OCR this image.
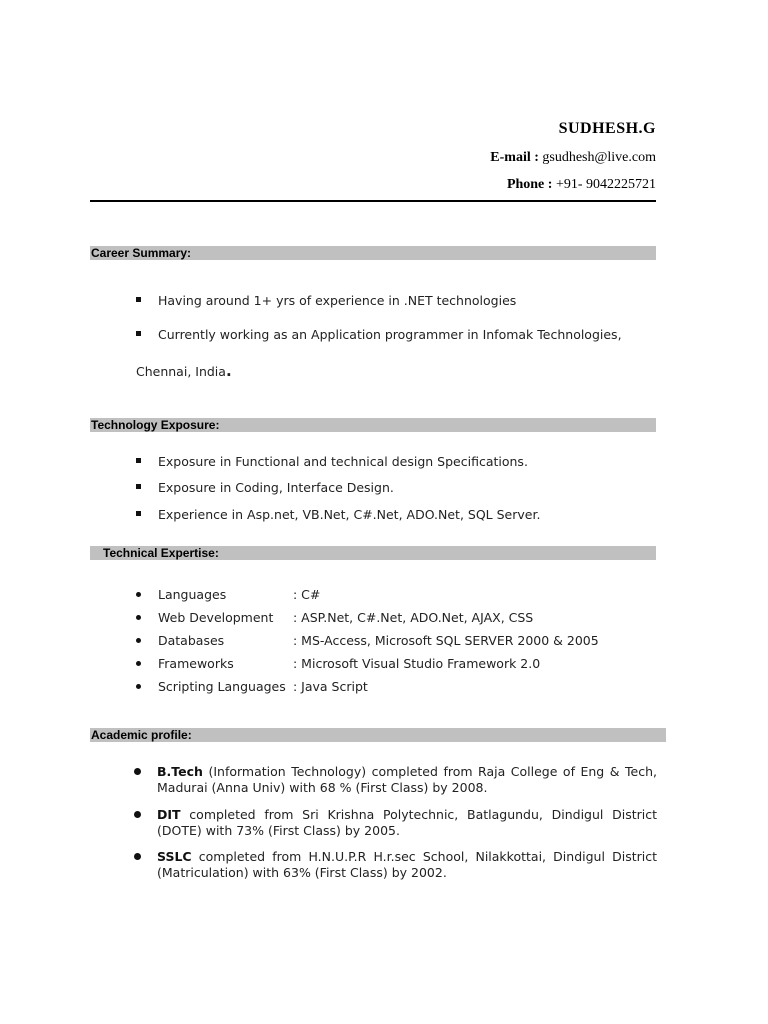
SUDHESH.G
E-mail : gsudhesh@live.com
Phone : +91- 9042225721
Career Summary:
Having around 1+ yrs of experience in .NET technologies
Currently working as an Application programmer in Infomak Technologies,
Chennai, India.
Technology Exposure:
Exposure in Functional and technical design Specifications.
Exposure in Coding, Interface Design.
Experience in Asp.net, VB.Net, C#.Net, ADO.Net, SQL Server.
Technical Expertise:
Languages	: C#
Web Development : ASP.Net, C#.Net, ADO.Net, AJAX, CSS
Databases	: MS-Access, Microsoft SQL SERVER 2000 & 2005
Frameworks	: Microsoft Visual Studio Framework 2.0
Scripting Languages : Java Script
Academic profile:
B.Tech (Information Technology) completed from Raja College of Eng & Tech, Madurai (Anna Univ) with 68 % (First Class) by 2008.
DIT completed from Sri Krishna Polytechnic, Batlagundu, Dindigul District (DOTE) with 73% (First Class) by 2005.
SSLC completed from H.N.U.P.R H.r.sec School, Nilakkottai, Dindigul District (Matriculation) with 63% (First Class) by 2002.
